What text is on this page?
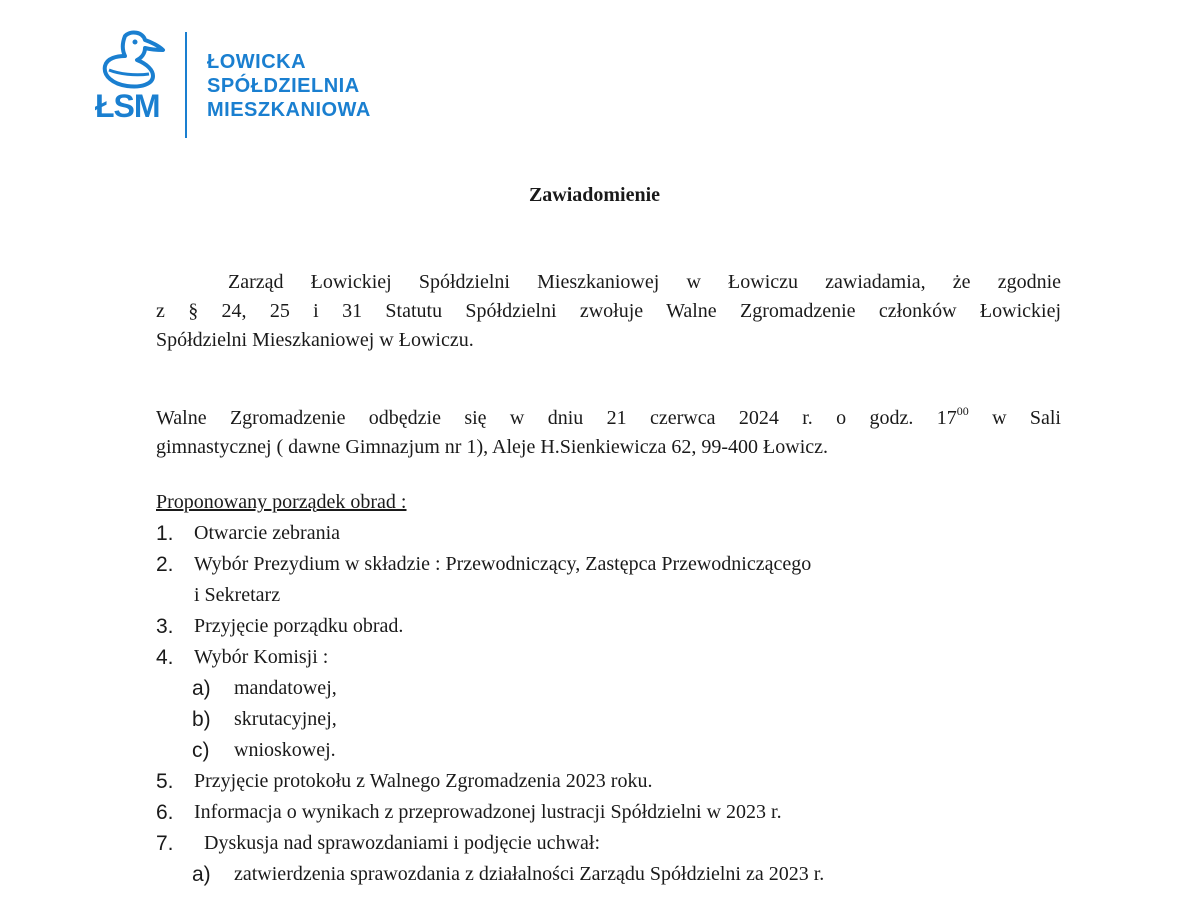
ŁSM
ŁOWICKA
SPÓŁDZIELNIA
MIESZKANIOWA
Zawiadomienie
Zarząd Łowickiej Spółdzielni Mieszkaniowej w Łowiczu zawiadamia, że zgodnie
z § 24, 25 i 31 Statutu Spółdzielni zwołuje Walne Zgromadzenie członków Łowickiej
Spółdzielni Mieszkaniowej w Łowiczu.
Walne Zgromadzenie odbędzie się w dniu 21 czerwca 2024 r. o godz. $17^{00}$ w Sali
gimnastycznej ( dawne Gimnazjum nr 1), Aleje H.Sienkiewicza 62, 99-400 Łowicz.
Proponowany porządek obrad :
1. Otwarcie zebrania
2. Wybór Prezydium w składzie : Przewodniczący, Zastępca Przewodniczącego
i Sekretarz
3. Przyjęcie porządku obrad.
4. Wybór Komisji :
a) mandatowej,
b) skrutacyjnej,
c) wnioskowej.
5. Przyjęcie protokołu z Walnego Zgromadzenia 2023 roku.
6. Informacja o wynikach z przeprowadzonej lustracji Spółdzielni w 2023 r.
7. Dyskusja nad sprawozdaniami i podjęcie uchwał:
a) zatwierdzenia sprawozdania z działalności Zarządu Spółdzielni za 2023 r.
